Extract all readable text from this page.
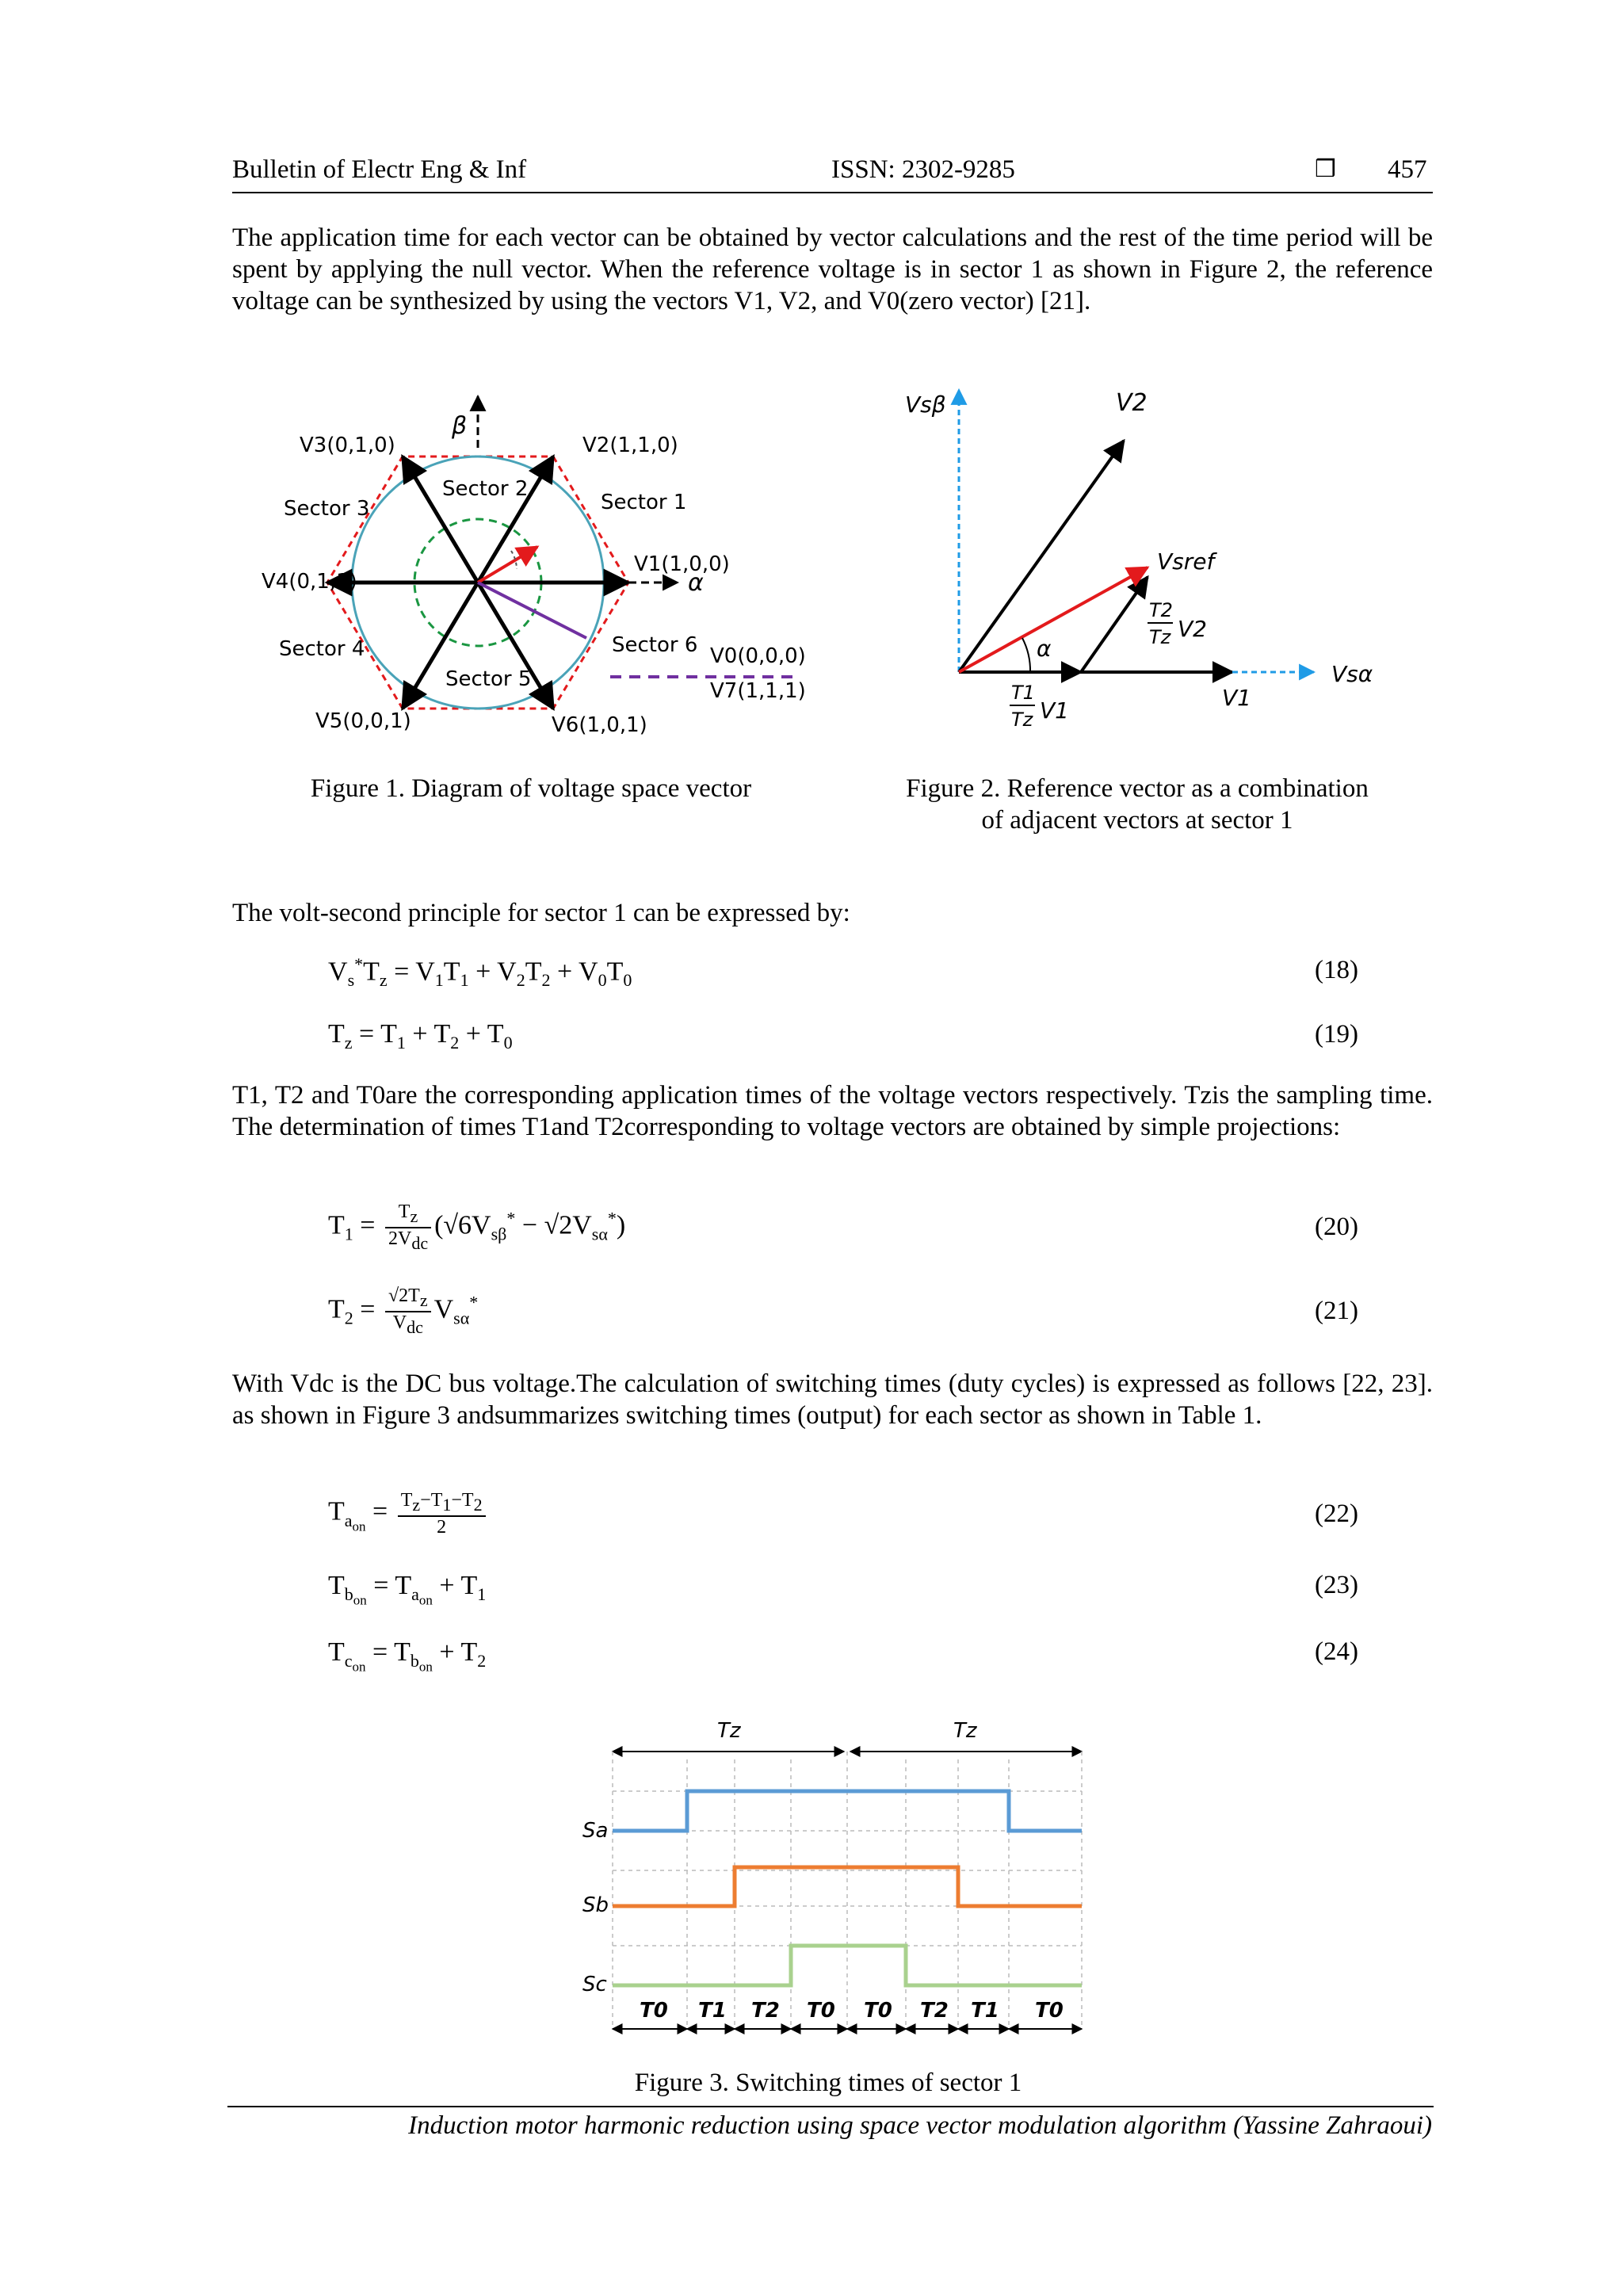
Bulletin of Electr Eng & Inf	ISSN: 2302-9285	❒ 457
The application time for each vector can be obtained by vector calculations and the rest of the time period will be spent by applying the null vector. When the reference voltage is in sector 1 as shown in Figure 2, the reference voltage can be synthesized by using the vectors V1, V2, and V0(zero vector) [21].
β
α
V3(0,1,0)	V2(1,1,0)
Sector 2
Sector 3	Sector 1
V4(0,1,1)
V1(1,0,0)
Sector 4	Sector 6 V0(0,0,0)
V7(1,1,1)
Sector 5
V5(0,0,1)	V6(1,0,1)
Figure 1. Diagram of voltage space vector
Vsβ
Vsα
V2
Vsref
α
T2
Tz V2
T1
Tz V1	V1
Figure 2. Reference vector as a combination
of adjacent vectors at sector 1
The volt-second principle for sector 1 can be expressed by:
$V_s^*T_z = V_1T_1 + V_2T_2 + V_0T_0$	(18)
$T_z = T_1 + T_2 + T_0$	(19)
T1, T2 and T0are the corresponding application times of the voltage vectors respectively. Tzis the sampling time. The determination of times T1and T2corresponding to voltage vectors are obtained by simple projections:
$T_1 = \frac{T_z}{2V_{dc}} (√6V_{s\beta}^* - √2V_{s\alpha}^*)$	(20)
$T_2 = \frac{√2T_z}{V_{dc}} V_{s\alpha}^*$	(21)
With Vdc is the DC bus voltage.The calculation of switching times (duty cycles) is expressed as follows [22, 23]. as shown in Figure 3 andsummarizes switching times (output) for each sector as shown in Table 1.
$T_{a_{on}} = \frac{T_z-T_1-T_2}{2}$	(22)
$T_{b_{on}} = T_{a_{on}} + T_1$	(23)
$T_{c_{on}} = T_{b_{on}} + T_2$	(24)
Tz	Tz
Sa
Sb
Sc
T0 T1 T2 T0 T0 T2 T1 T0
Figure 3. Switching times of sector 1
Induction motor harmonic reduction using space vector modulation algorithm (Yassine Zahraoui)
